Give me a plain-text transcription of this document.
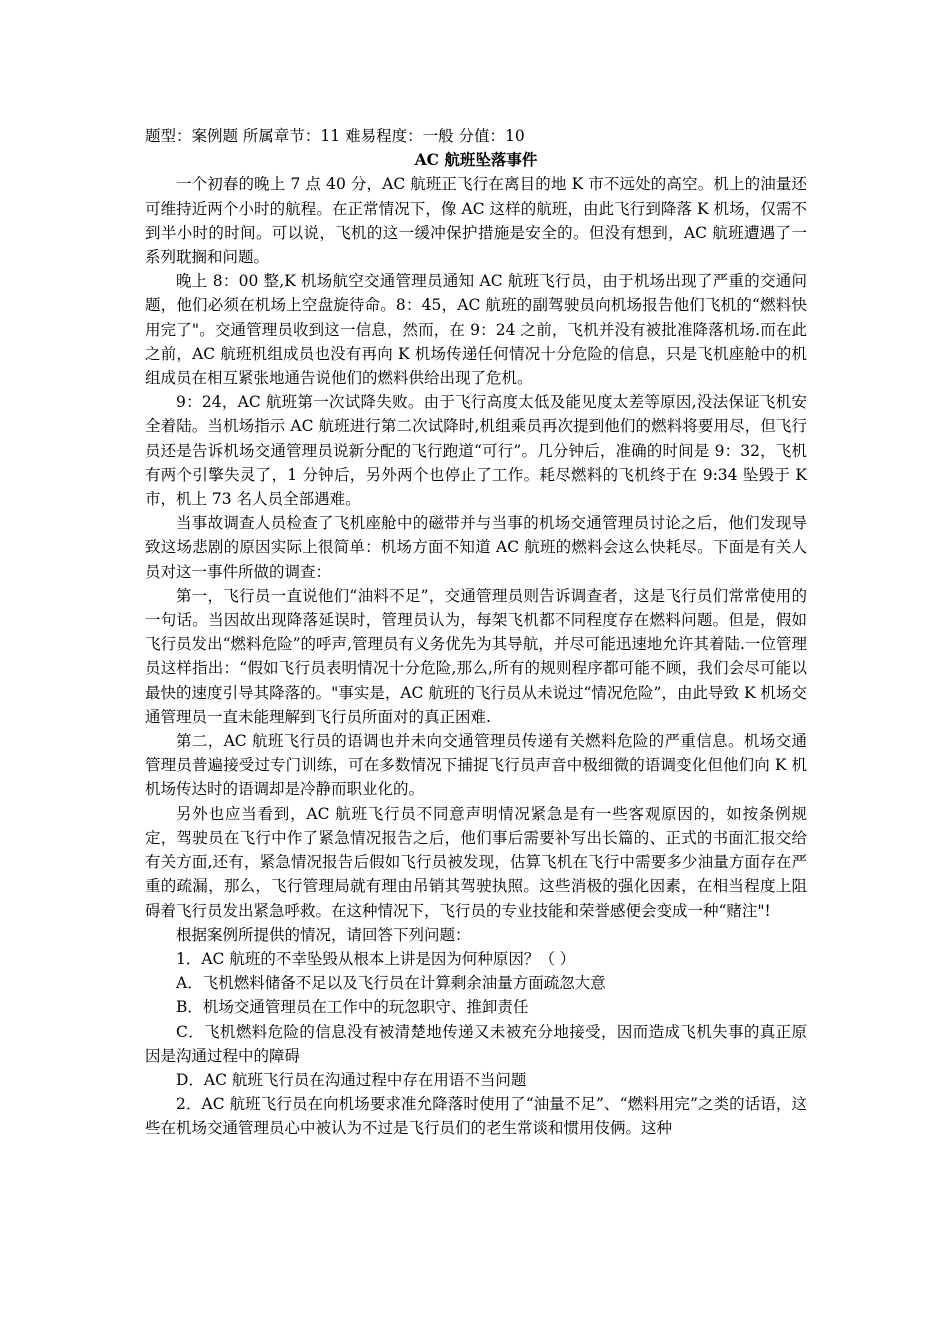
题型：案例题 所属章节：11 难易程度：一般 分值：10

AC 航班坠落事件

一个初春的晚上 7 点 40 分，AC 航班正飞行在离目的地 K 市不远处的高空。机上的油量还可维持近两个小时的航程。在正常情况下，像 AC 这样的航班，由此飞行到降落 K 机场，仅需不到半小时的时间。可以说，飞机的这一缓冲保护措施是安全的。但没有想到，AC 航班遭遇了一系列耽搁和问题。

晚上 8：00 整,K 机场航空交通管理员通知 AC 航班飞行员，由于机场出现了严重的交通问题，他们必须在机场上空盘旋待命。8：45，AC 航班的副驾驶员向机场报告他们飞机的“燃料快用完了"。交通管理员收到这一信息，然而，在 9：24 之前，飞机并没有被批准降落机场.而在此之前，AC 航班机组成员也没有再向 K 机场传递任何情况十分危险的信息，只是飞机座舱中的机组成员在相互紧张地通告说他们的燃料供给出现了危机。

9：24，AC 航班第一次试降失败。由于飞行高度太低及能见度太差等原因,没法保证飞机安全着陆。当机场指示 AC 航班进行第二次试降时,机组乘员再次提到他们的燃料将要用尽，但飞行员还是告诉机场交通管理员说新分配的飞行跑道“可行”。几分钟后，准确的时间是 9：32，飞机有两个引擎失灵了，1 分钟后，另外两个也停止了工作。耗尽燃料的飞机终于在 9:34 坠毁于 K 市，机上 73 名人员全部遇难。

当事故调查人员检查了飞机座舱中的磁带并与当事的机场交通管理员讨论之后，他们发现导致这场悲剧的原因实际上很简单：机场方面不知道 AC 航班的燃料会这么快耗尽。下面是有关人员对这一事件所做的调查：

第一，飞行员一直说他们“油料不足”，交通管理员则告诉调查者，这是飞行员们常常使用的一句话。当因故出现降落延误时，管理员认为，每架飞机都不同程度存在燃料问题。但是，假如飞行员发出“燃料危险”的呼声,管理员有义务优先为其导航，并尽可能迅速地允许其着陆.一位管理员这样指出：“假如飞行员表明情况十分危险,那么,所有的规则程序都可能不顾，我们会尽可能以最快的速度引导其降落的。"事实是，AC 航班的飞行员从未说过“情况危险”，由此导致 K 机场交通管理员一直未能理解到飞行员所面对的真正困难.

第二，AC 航班飞行员的语调也并未向交通管理员传递有关燃料危险的严重信息。机场交通管理员普遍接受过专门训练，可在多数情况下捕捉飞行员声音中极细微的语调变化但他们向 K 机机场传达时的语调却是冷静而职业化的。

另外也应当看到，AC 航班飞行员不同意声明情况紧急是有一些客观原因的，如按条例规定，驾驶员在飞行中作了紧急情况报告之后，他们事后需要补写出长篇的、正式的书面汇报交给有关方面,还有，紧急情况报告后假如飞行员被发现，估算飞机在飞行中需要多少油量方面存在严重的疏漏，那么，飞行管理局就有理由吊销其驾驶执照。这些消极的强化因素，在相当程度上阻碍着飞行员发出紧急呼救。在这种情况下，飞行员的专业技能和荣誉感便会变成一种“赌注"!

根据案例所提供的情况，请回答下列问题：

1．AC 航班的不幸坠毁从根本上讲是因为何种原因？（ ）

A．飞机燃料储备不足以及飞行员在计算剩余油量方面疏忽大意

B．机场交通管理员在工作中的玩忽职守、推卸责任

C．飞机燃料危险的信息没有被清楚地传递又未被充分地接受，因而造成飞机失事的真正原因是沟通过程中的障碍

D．AC 航班飞行员在沟通过程中存在用语不当问题

2．AC 航班飞行员在向机场要求准允降落时使用了“油量不足”、“燃料用完”之类的话语，这些在机场交通管理员心中被认为不过是飞行员们的老生常谈和惯用伎俩。这种
